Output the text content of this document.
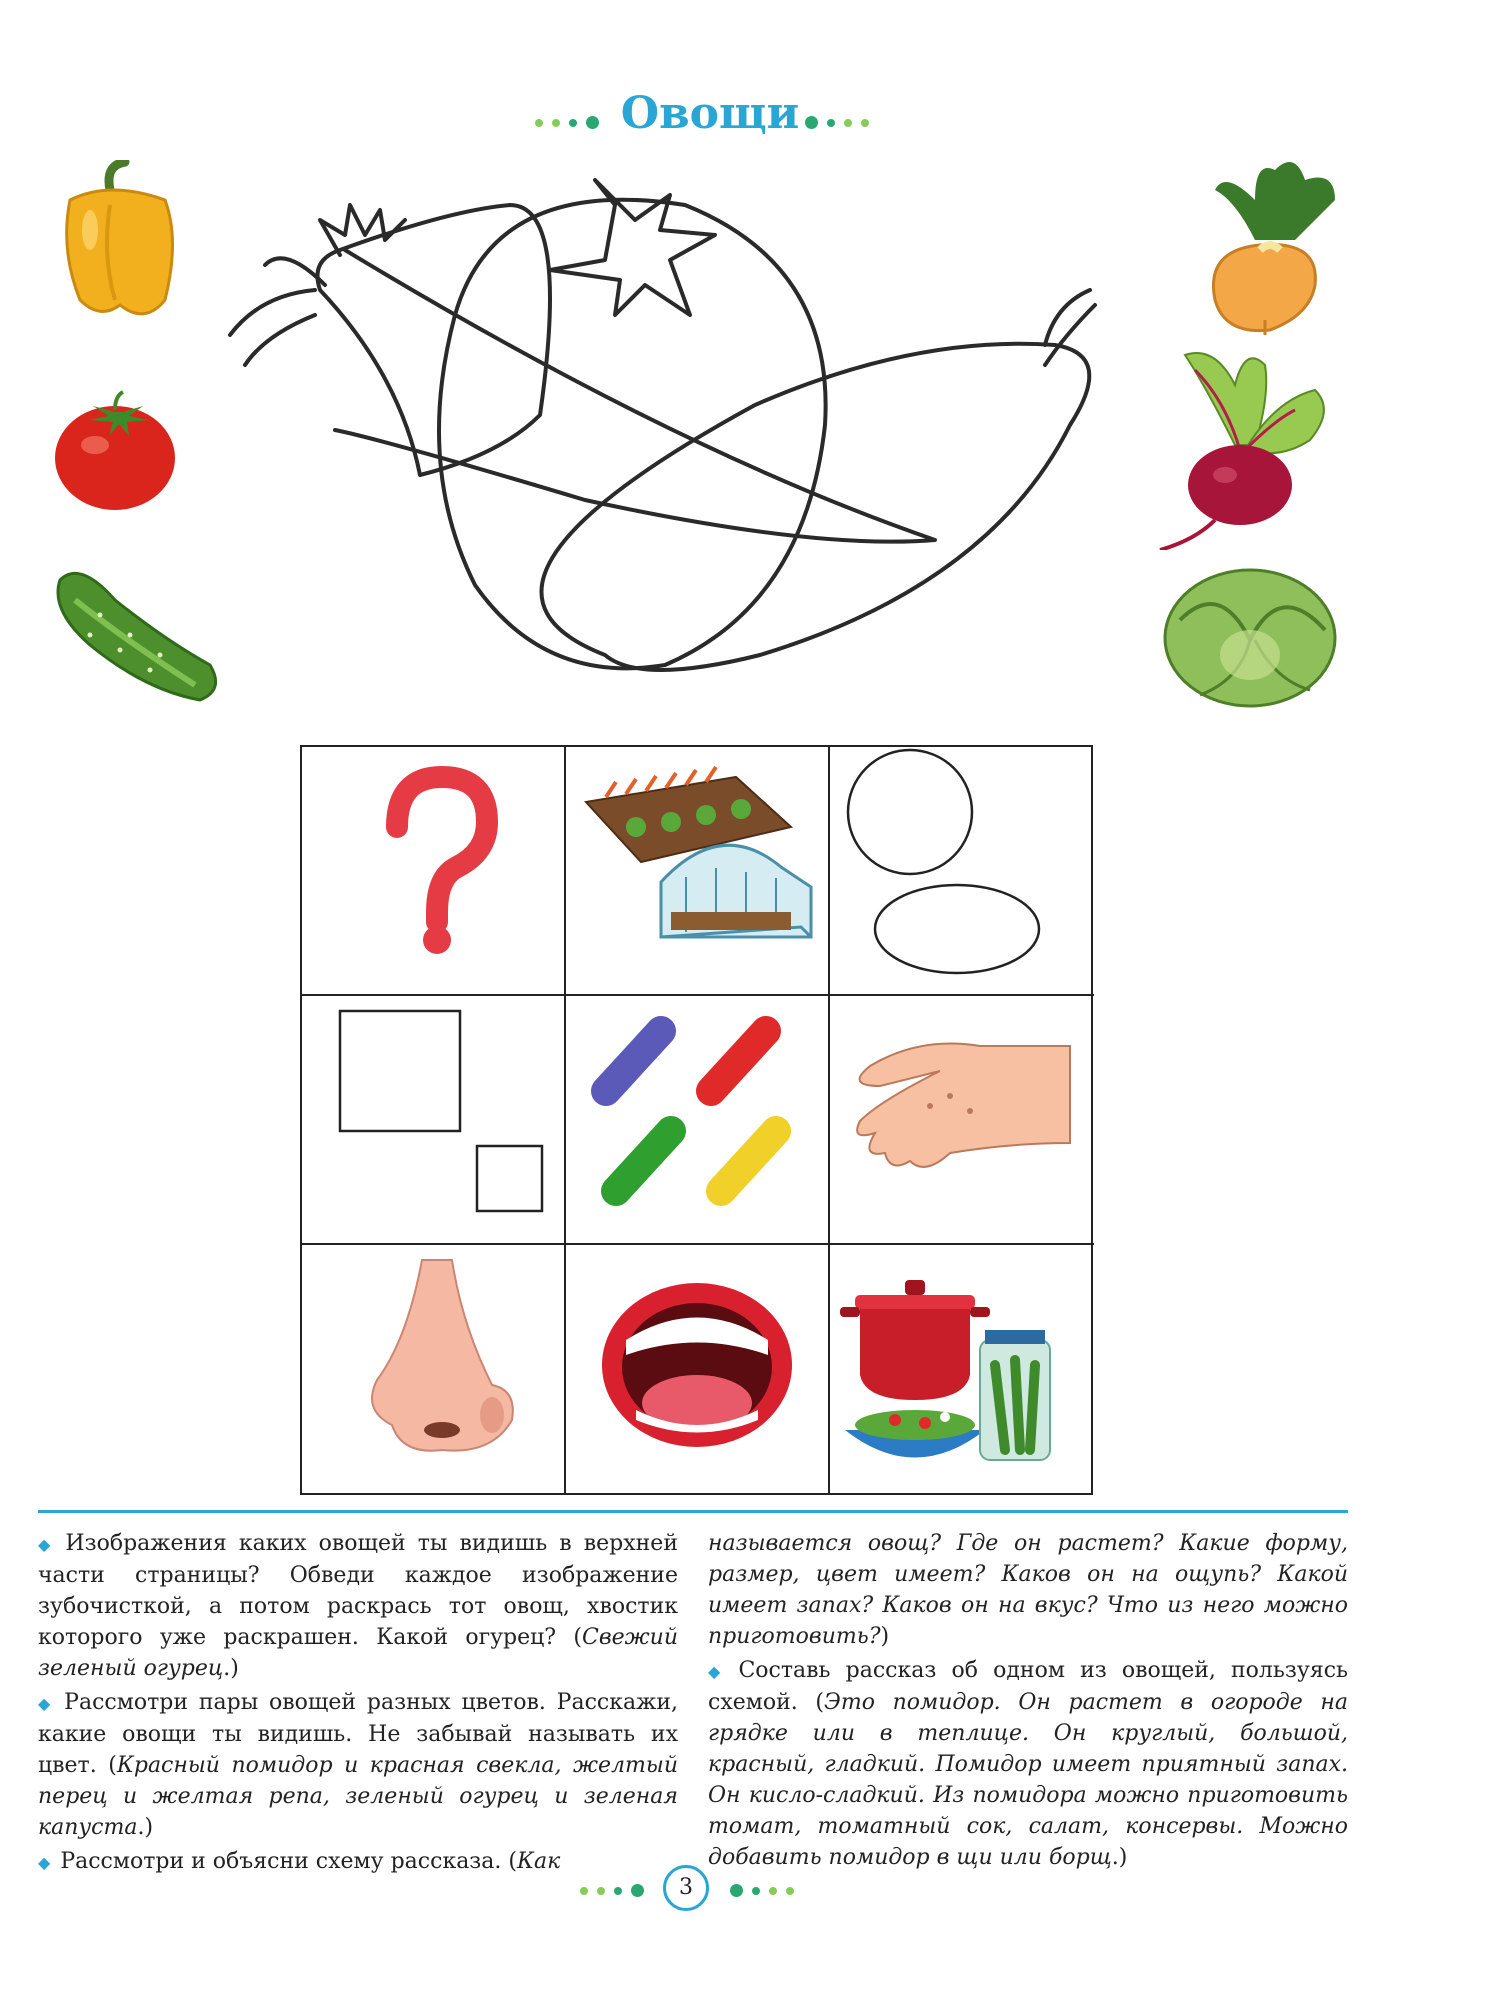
Овощи

◆ Изображения каких овощей ты видишь в верхней части страницы? Обведи каждое изображение зубочисткой, а потом раскрась тот овощ, хвостик которого уже раскрашен. Какой огурец? (Свежий зеленый огурец.)

◆ Рассмотри пары овощей разных цветов. Расскажи, какие овощи ты видишь. Не забывай называть их цвет. (Красный помидор и красная свекла, желтый перец и желтая репа, зеленый огурец и зеленая капуста.)

◆ Рассмотри и объясни схему рассказа. (Как

называется овощ? Где он растет? Какие форму, размер, цвет имеет? Каков он на ощупь? Какой имеет запах? Каков он на вкус? Что из него можно приготовить?)

◆ Составь рассказ об одном из овощей, пользуясь схемой. (Это помидор. Он растет в огороде на грядке или в теплице. Он круглый, большой, красный, гладкий. Помидор имеет приятный запах. Он кисло-сладкий. Из помидора можно приготовить томат, томатный сок, салат, консервы. Можно добавить помидор в щи или борщ.)

3
